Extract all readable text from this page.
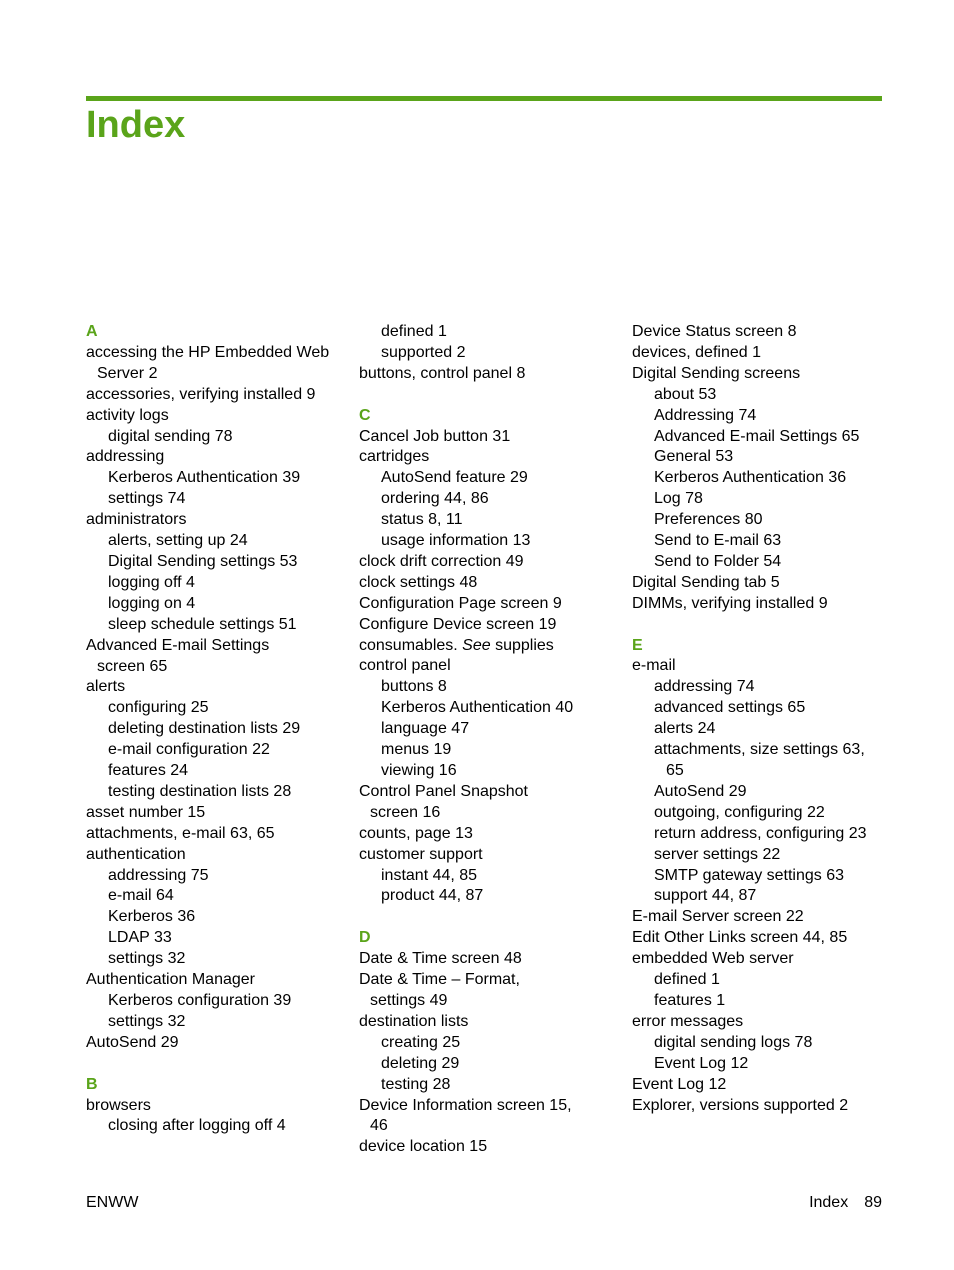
Index
A
accessing the HP Embedded Web
Server 2
accessories, verifying installed 9
activity logs
digital sending 78
addressing
Kerberos Authentication 39
settings 74
administrators
alerts, setting up 24
Digital Sending settings 53
logging off 4
logging on 4
sleep schedule settings 51
Advanced E-mail Settings
screen 65
alerts
configuring 25
deleting destination lists 29
e-mail configuration 22
features 24
testing destination lists 28
asset number 15
attachments, e-mail 63, 65
authentication
addressing 75
e-mail 64
Kerberos 36
LDAP 33
settings 32
Authentication Manager
Kerberos configuration 39
settings 32
AutoSend 29
B
browsers
closing after logging off 4
defined 1
supported 2
buttons, control panel 8
C
Cancel Job button 31
cartridges
AutoSend feature 29
ordering 44, 86
status 8, 11
usage information 13
clock drift correction 49
clock settings 48
Configuration Page screen 9
Configure Device screen 19
consumables. See supplies
control panel
buttons 8
Kerberos Authentication 40
language 47
menus 19
viewing 16
Control Panel Snapshot
screen 16
counts, page 13
customer support
instant 44, 85
product 44, 87
D
Date & Time screen 48
Date & Time – Format,
settings 49
destination lists
creating 25
deleting 29
testing 28
Device Information screen 15,
46
device location 15
Device Status screen 8
devices, defined 1
Digital Sending screens
about 53
Addressing 74
Advanced E-mail Settings 65
General 53
Kerberos Authentication 36
Log 78
Preferences 80
Send to E-mail 63
Send to Folder 54
Digital Sending tab 5
DIMMs, verifying installed 9
E
e-mail
addressing 74
advanced settings 65
alerts 24
attachments, size settings 63,
65
AutoSend 29
outgoing, configuring 22
return address, configuring 23
server settings 22
SMTP gateway settings 63
support 44, 87
E-mail Server screen 22
Edit Other Links screen 44, 85
embedded Web server
defined 1
features 1
error messages
digital sending logs 78
Event Log 12
Event Log 12
Explorer, versions supported 2
ENWW	Index 89
